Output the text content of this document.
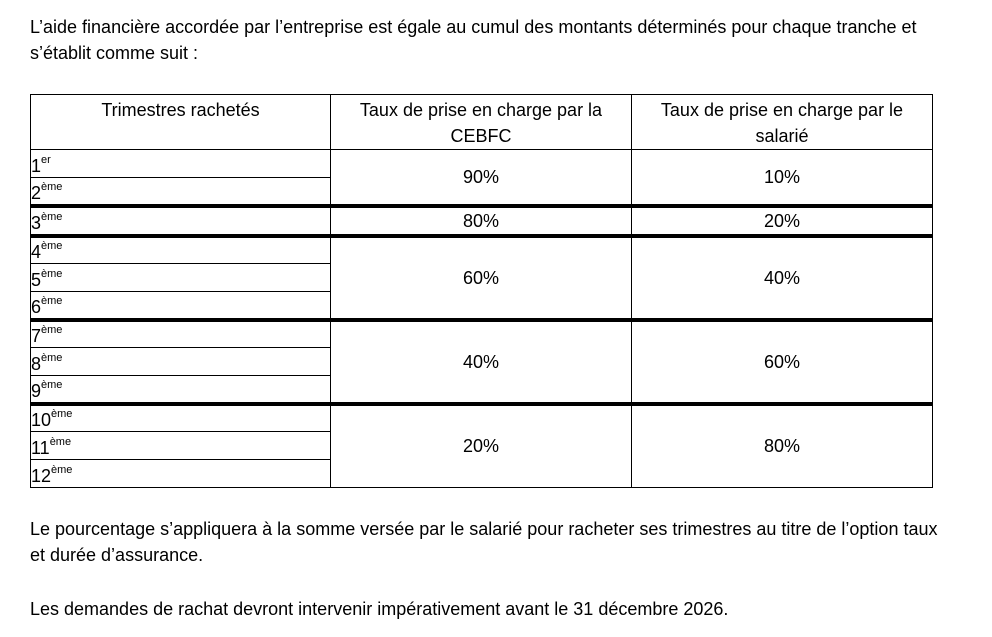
L’aide financière accordée par l’entreprise est égale au cumul des montants déterminés pour chaque tranche et s’établit comme suit :

Trimestres rachetés	Taux de prise en charge par la CEBFC	Taux de prise en charge par le salarié
1er	90%	10%
2ème
3ème	80%	20%
4ème	60%	40%
5ème
6ème
7ème	40%	60%
8ème
9ème
10ème	20%	80%
11ème
12ème

Le pourcentage s’appliquera à la somme versée par le salarié pour racheter ses trimestres au titre de l’option taux et durée d’assurance.

Les demandes de rachat devront intervenir impérativement avant le 31 décembre 2026.
